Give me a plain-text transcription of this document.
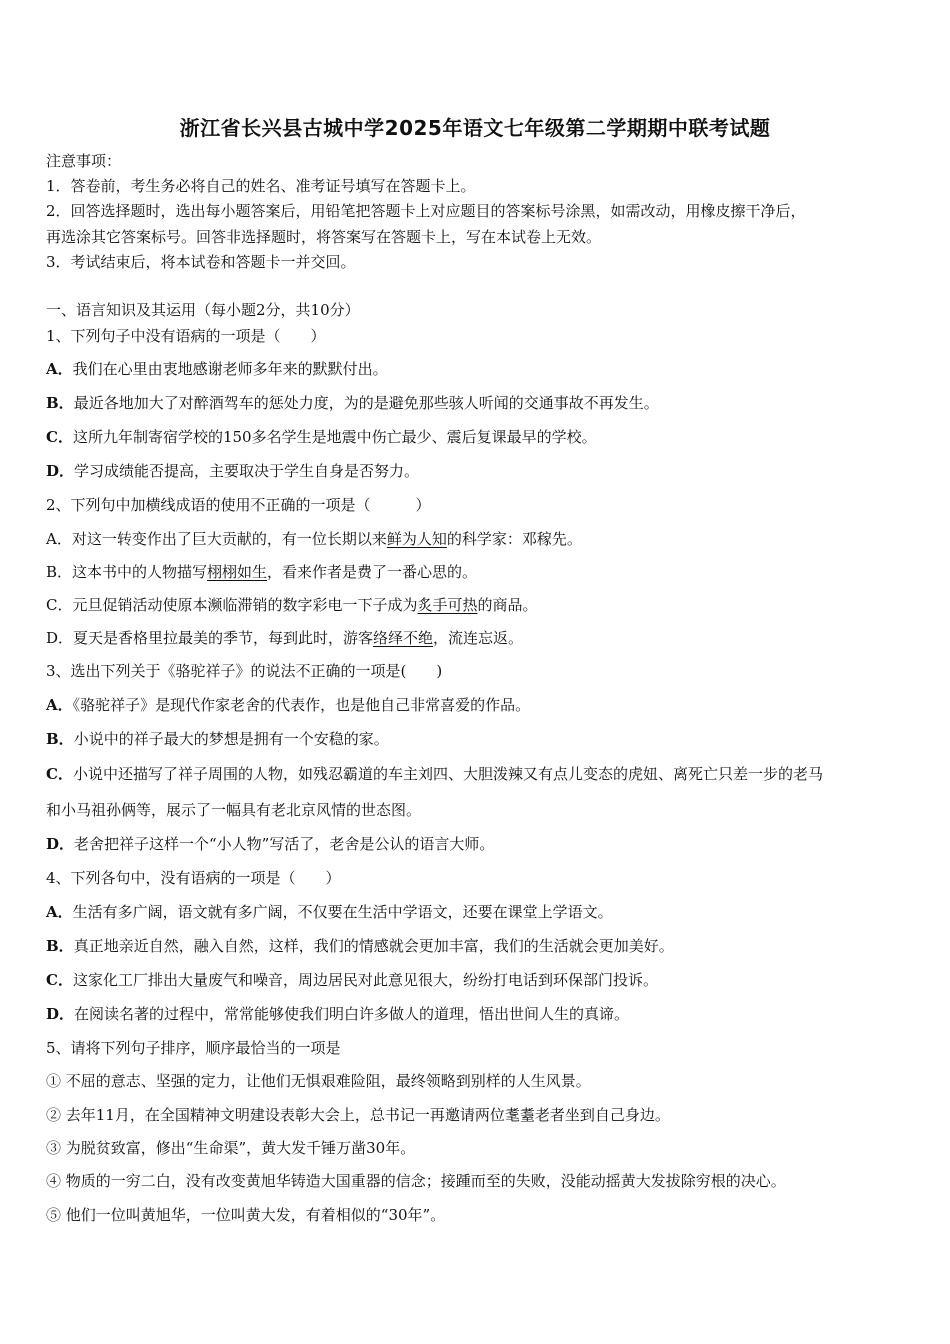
浙江省长兴县古城中学2025年语文七年级第二学期期中联考试题
注意事项：
1．答卷前，考生务必将自己的姓名、准考证号填写在答题卡上。
2．回答选择题时，选出每小题答案后，用铅笔把答题卡上对应题目的答案标号涂黑，如需改动，用橡皮擦干净后，
再选涂其它答案标号。回答非选择题时，将答案写在答题卡上，写在本试卷上无效。
3．考试结束后，将本试卷和答题卡一并交回。
一、语言知识及其运用（每小题2分，共10分）
1、下列句子中没有语病的一项是（　　）
A．我们在心里由衷地感谢老师多年来的默默付出。
B．最近各地加大了对醉酒驾车的惩处力度，为的是避免那些骇人听闻的交通事故不再发生。
C．这所九年制寄宿学校的150多名学生是地震中伤亡最少、震后复课最早的学校。
D．学习成绩能否提高，主要取决于学生自身是否努力。
2、下列句中加横线成语的使用不正确的一项是（　　　）
A．对这一转变作出了巨大贡献的，有一位长期以来鲜为人知的科学家：邓稼先。
B．这本书中的人物描写栩栩如生，看来作者是费了一番心思的。
C．元旦促销活动使原本濒临滞销的数字彩电一下子成为炙手可热的商品。
D．夏天是香格里拉最美的季节，每到此时，游客络绎不绝，流连忘返。
3、选出下列关于《骆驼祥子》的说法不正确的一项是(　　)
A．《骆驼祥子》是现代作家老舍的代表作，也是他自己非常喜爱的作品。
B．小说中的祥子最大的梦想是拥有一个安稳的家。
C．小说中还描写了祥子周围的人物，如残忍霸道的车主刘四、大胆泼辣又有点儿变态的虎妞、离死亡只差一步的老马
和小马祖孙俩等，展示了一幅具有老北京风情的世态图。
D．老舍把祥子这样一个“小人物”写活了，老舍是公认的语言大师。
4、下列各句中，没有语病的一项是（　　）
A．生活有多广阔，语文就有多广阔，不仅要在生活中学语文，还要在课堂上学语文。
B．真正地亲近自然，融入自然，这样，我们的情感就会更加丰富，我们的生活就会更加美好。
C．这家化工厂排出大量废气和噪音，周边居民对此意见很大，纷纷打电话到环保部门投诉。
D．在阅读名著的过程中，常常能够使我们明白许多做人的道理，悟出世间人生的真谛。
5、请将下列句子排序，顺序最恰当的一项是
① 不屈的意志、坚强的定力，让他们无惧艰难险阻，最终领略到别样的人生风景。
② 去年11月，在全国精神文明建设表彰大会上，总书记一再邀请两位耄耋老者坐到自己身边。
③ 为脱贫致富，修出“生命渠”，黄大发千锤万凿30年。
④ 物质的一穷二白，没有改变黄旭华铸造大国重器的信念；接踵而至的失败，没能动摇黄大发拔除穷根的决心。
⑤ 他们一位叫黄旭华，一位叫黄大发，有着相似的“30年”。
